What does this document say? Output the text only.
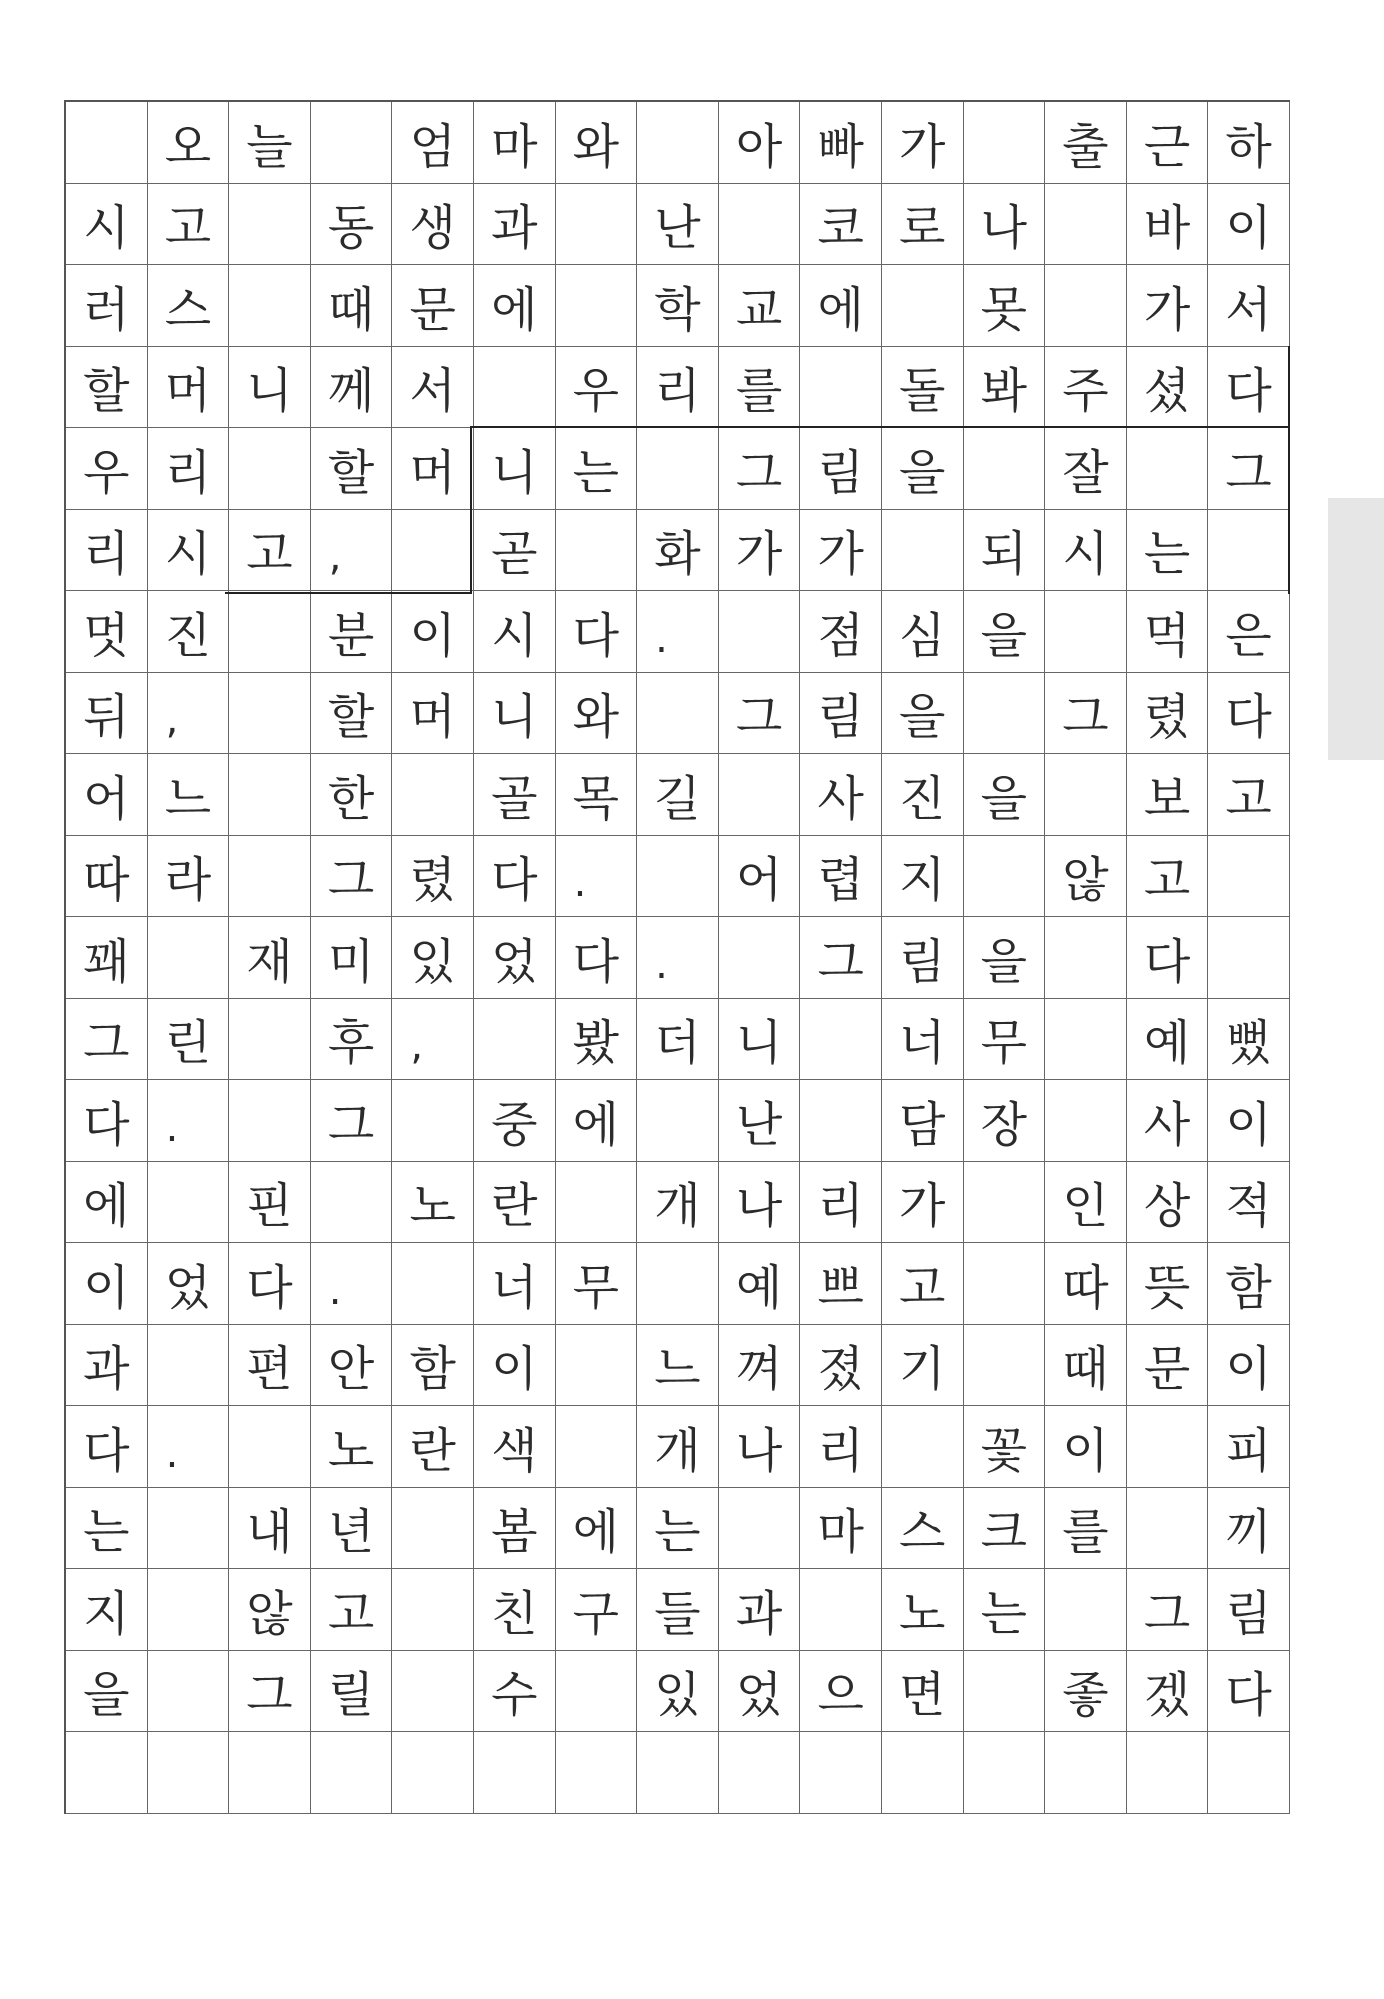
오 늘	엄 마 와	아 빠 가	출 근 하
시 고	동 생 과	난	코 로 나	바 이
러 스	때 문 에	학 교 에	못	가 서
할 머 니 께 서	우 리 를	돌 봐 주 셨 다
우 리	할 머 니 는	그 림 을	잘	그
리 시 고 ,	곧	화 가 가	되 시 는
멋 진	분 이 시 다 .	점 심 을	먹 은
뒤 ,	할 머 니 와	그 림 을	그 렸 다
어 느	한	골 목 길	사 진 을	보 고
따 라	그 렸 다 .	어 렵 지	않 고
꽤	재 미 있 었 다 .	그 림 을	다
그 린	후 ,	봤 더 니	너 무	예 뻤
다 .	그	중 에	난	담 장	사 이
에	핀	노 란	개 나 리 가	인 상 적
이 었 다 .	너 무	예 쁘 고	따 뜻 함
과	편 안 함 이	느 껴 졌 기	때 문 이
다 .	노 란 색	개 나 리	꽃 이	피
는	내 년	봄 에 는	마 스 크 를	끼
지	않 고	친 구 들 과	노 는	그 림
을	그 릴	수	있 었 으 면	좋 겠 다
